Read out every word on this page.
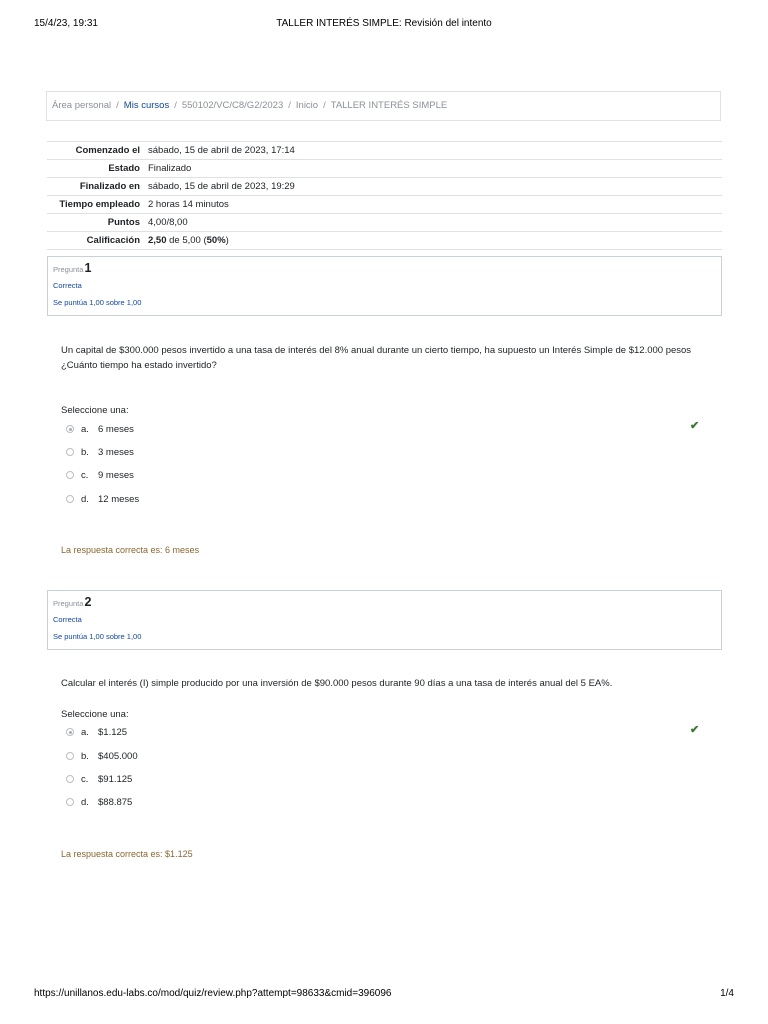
15/4/23, 19:31	TALLER INTERÉS SIMPLE: Revisión del intento
Área personal / Mis cursos / 550102/VC/C8/G2/2023 / Inicio / TALLER INTERÉS SIMPLE
Comenzado el	sábado, 15 de abril de 2023, 17:14
Estado	Finalizado
Finalizado en	sábado, 15 de abril de 2023, 19:29
Tiempo empleado	2 horas 14 minutos
Puntos	4,00/8,00
Calificación	2,50 de 5,00 (50%)
Pregunta1
Correcta
Se puntúa 1,00 sobre 1,00
Un capital de $300.000 pesos invertido a una tasa de interés del 8% anual durante un cierto tiempo, ha supuesto un Interés Simple de $12.000 pesos
¿Cuánto tiempo ha estado invertido?
Seleccione una:
a. 6 meses	✔
b. 3 meses
c.	9 meses
d. 12 meses
La respuesta correcta es: 6 meses
Pregunta2
Correcta
Se puntúa 1,00 sobre 1,00
Calcular el interés (I) simple producido por una inversión de $90.000 pesos durante 90 días a una tasa de interés anual del 5 EA%.
Seleccione una:
a. $1.125	✔
b. $405.000
c.	$91.125
d. $88.875
La respuesta correcta es: $1.125
https://unillanos.edu-labs.co/mod/quiz/review.php?attempt=98633&cmid=396096	1/4
